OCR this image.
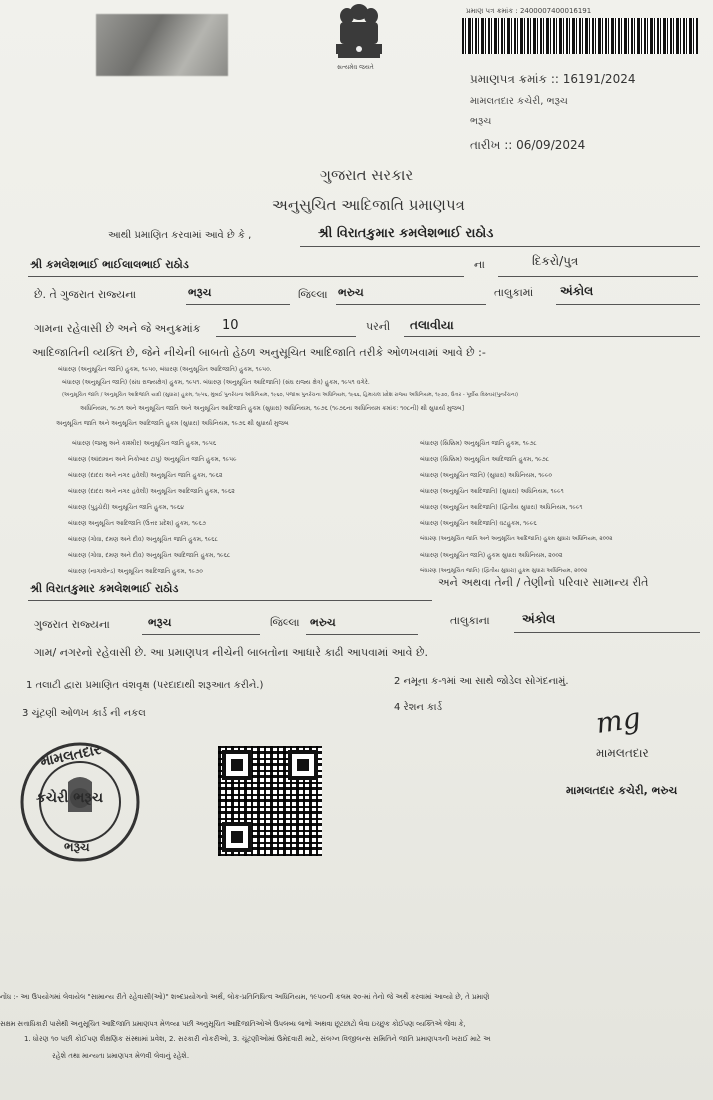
સત્યમેવ જયતે
પ્રમાણ પત્ર ક્રમાંક : 2400007400016191
પ્રમાણપત્ર ક્રમાંક :: 16191/2024
મામલતદાર કચેરી, ભરૂચ
ભરૂચ
તારીખ :: 06/09/2024
ગુજરાત સરકાર
અનુસુચિત આદિજાતિ પ્રમાણપત્ર
આથી પ્રમાણિત કરવામાં આવે છે કે ,	શ્રી વિરાતકુમાર કમલેશભાઈ રાઠોડ
શ્રી કમલેશભાઈ ભાઈલાલભાઈ રાઠોડ	ના	દિકરો/પુત્ર
છે. તે ગુજરાત રાજ્યના	ભરૂચ	જિલ્લા ભરુચ	તાલુકામાં અંકોલ
ગામના રહેવાસી છે અને જે અનુક્રમાંક 10	પરની તલાવીયા
આદિજાતિની વ્યક્તિ છે, જેને નીચેની બાબતો હેઠળ અનુસૂચિત આદિજાતિ તરીકે ઓળખવામાં આવે છે :-
બંધારણ (અનુસૂચિત જાતિ) હુકમ, ૧૯૫૦, બંધારણ (અનુસૂચિત આદિજાતિ) હુકમ, ૧૯૫૦.
બંધારણ (અનુસૂચિત જાતિ) (સંઘ રાજ્યક્ષેત્ર) હુકમ, ૧૯૫૧. બંધારણ (અનુસૂચિત આદિજાતિ) (સંઘ રાજ્ય ક્ષેત્ર) હુકમ, ૧૯૫૧ વગેરે.
(અનુસૂચિત જાતિ / અનુસૂચિત આદિજાતિ યાદી (સુધારા) હુકમ, ૧૯૫૬, મુંબઈ પુનર્રચના અધિનિયમ, ૧૯૬૦, પંજાબ પુનર્રચના અધિનિયમ, ૧૯૬૬, હિમાચલ પ્રદેશ રાજ્ય અધિનિયમ, ૧૯૭૦, ઉત્તર - પૂર્વીય વિસ્તાર(પુનર્રચના)
અધિનિયમ, ૧૯૭૧ અને અનુસૂચિત જાતિ અને અનુસૂચિત આદિજાતિ હુકમ (સુધારા) અધિનિયમ, ૧૯૭૬ (૧૯૭૬ના અધિનિયમ ક્રમાંક: ૧૦૮ની) થી સુધાર્યા મુજબ]
અનુસૂચિત જાતિ અને અનુસૂચિત આદિજાતિ હુકમ (સુધારા) અધિનિયમ, ૧૯૭૬ થી સુધાર્યા મુજબ
બંધારણ (જમ્મુ અને કાશ્મીર) અનુસૂચિત જાતિ હુકમ, ૧૯૫૬
બંધારણ (આંદામાન અને નિકોબાર ટાપુ) અનુસૂચિત જાતિ હુકમ, ૧૯૫૯
બંધારણ (દાદરા અને નગર હવેલી) અનુસૂચિત જાતિ હુકમ, ૧૯૬૨
બંધારણ (દાદરા અને નગર હવેલી) અનુસૂચિત આદિજાતિ હુકમ, ૧૯૬૨
બંધારણ (પુડુચેરી) અનુસૂચિત જાતિ હુકમ, ૧૯૬૪
બંધારણ અનુસૂચિત આદિજાતિ (ઉત્તર પ્રદેશ) હુકમ, ૧૯૬૭
બંધારણ (ગોવા, દમણ અને દીવ) અનુસૂચિત જાતિ હુકમ, ૧૯૬૮
બંધારણ (ગોવા, દમણ અને દીવ) અનુસૂચિત આદિજાતિ હુકમ, ૧૯૬૮
બંધારણ (નાગાલેન્ડ) અનુસૂચિત આદિજાતિ હુકમ, ૧૯૭૦
બંધારણ (સિક્કિમ) અનુસૂચિત જાતિ હુકમ, ૧૯૭૮
બંધારણ (સિક્કિમ) અનુસૂચિત આદિજાતિ હુકમ, ૧૯૭૮
બંધારણ (અનુસૂચિત જાતિ) (સુધારા) અધિનિયમ, ૧૯૯૦
બંધારણ (અનુસૂચિત આદિજાતિ) (સુધારા) અધિનિયમ, ૧૯૯૧
બંધારણ (અનુસૂચિત આદિજાતિ) (દ્વિતીય સુધારા) અધિનિયમ, ૧૯૯૧
બંધારણ (અનુસૂચિત આદિજાતિ) વટહુકમ, ૧૯૯૬
બંધારણ (અનુસૂચિત જાતિ અને અનુસૂચિત આદિજાતિ) હુકમ સુધારા અધિનિયમ, ૨૦૦૨
બંધારણ (અનુસૂચિત જાતિ) હુકમ સુધારા અધિનિયમ, ૨૦૦૨
બંધારણ (અનુસૂચિત જાતિ) (દ્વિતીય સુધારા) હુકમ સુધારા અધિનિયમ, ૨૦૦૨
શ્રી વિરાતકુમાર કમલેશભાઈ રાઠોડ	અને અથવા તેની / તેણીનો પરિવાર સામાન્ય રીતે
ગુજરાત રાજ્યના	ભરૂચ	જિલ્લા ભરુચ	તાલુકાના	અંકોલ
ગામ/ નગરનો રહેવાસી છે. આ પ્રમાણપત્ર નીચેની બાબતોના આધારે કાઢી આપવામાં આવે છે.
1 તલાટી દ્વારા પ્રમાણિત વંશવૃક્ષ (પરદાદાથી શરૂઆત કરીને.)	2 નમૂના ક-૧માં આ સાથે જોડેલ સોગંદનામું.
3 ચૂંટણી ઓળખ કાર્ડ ની નકલ
4 રેશન કાર્ડ
મામલતદાર
કચેરી ભરૂચ
ભરૂચ
mg
મામલતદાર
મામલતદાર કચેરી, ભરુચ
નોંધ :- આ ઉપયોગમાં લેવાયેલ "સામાન્ય રીતે રહેવાસી(ઓ)" શબ્દપ્રયોગનો અર્થ, લોક-પ્રતિનિધિત્વ અધિનિયમ, ૧૯૫૦ની કલમ ૨૦-માં તેનો જે અર્થે કરવામાં આવ્યો છે, તે પ્રમાણે
સક્ષમ સત્તાધિકારી પાસેથી અનુસૂચિત આદિજાતિ પ્રમાણપત્ર મેળવ્યા પછી અનુસૂચિત આદિજાતિઓએ ઉપલબ્ધ લાભો અથવા છૂટછાટો લેવા ઇચ્છુક કોઈપણ વ્યક્તિએ જેવા કે,
1. ધોરણ ૧૦ પછી કોઈપણ શૈક્ષણિક સંસ્થામાં પ્રવેશ, 2. સરકારી નોકરીઓ, 3. ચૂંટણીઓમાં ઉમેદવારી માટે, સંલગ્ન વિજીલન્સ સમિતિને જાતિ પ્રમાણપત્રની ખરાઈ માટે અ
રહેશે તથા માન્યતા પ્રમાણપત્ર મેળવી લેવાનું રહેશે.
